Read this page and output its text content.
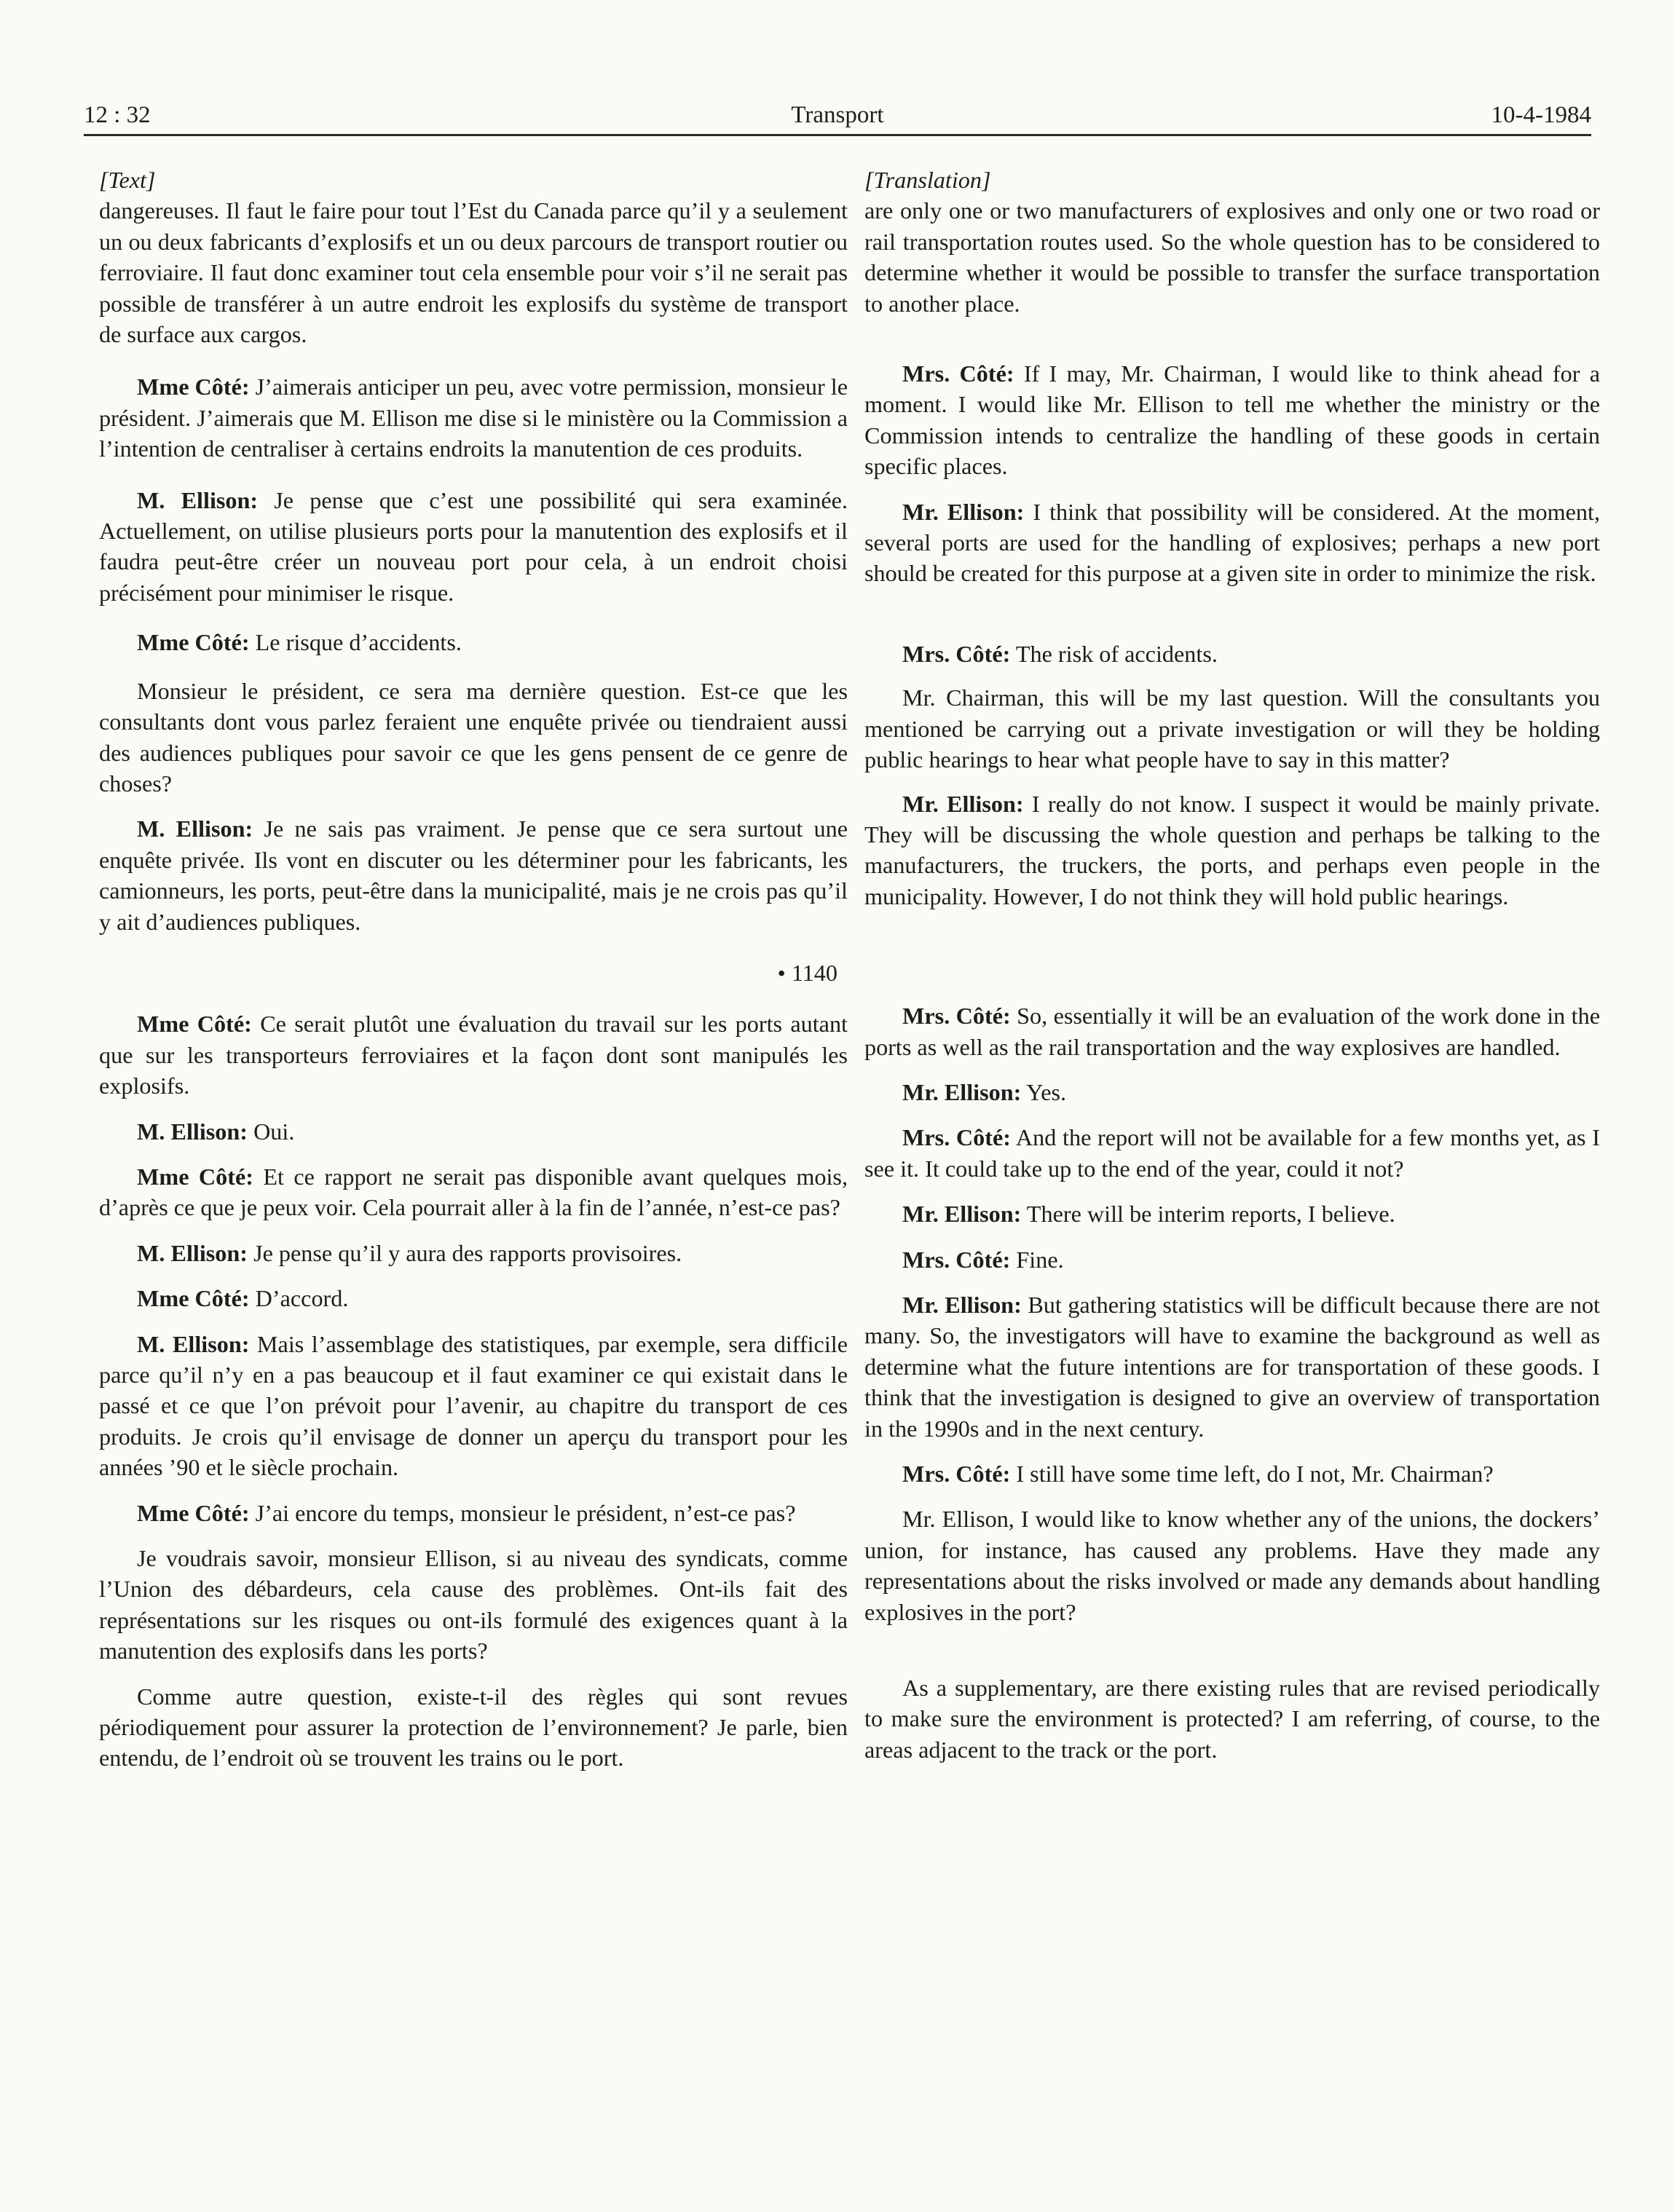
Transport
12 : 32	10-4-1984
[Text]

dangereuses. Il faut le faire pour tout l’Est du Canada parce qu’il y a seulement un ou deux fabricants d’explosifs et un ou deux parcours de transport routier ou ferroviaire. Il faut donc examiner tout cela ensemble pour voir s’il ne serait pas possible de transférer à un autre endroit les explosifs du système de transport de surface aux cargos.

Mme Côté: J’aimerais anticiper un peu, avec votre permission, monsieur le président. J’aimerais que M. Ellison me dise si le ministère ou la Commission a l’intention de centraliser à certains endroits la manutention de ces produits.

M. Ellison: Je pense que c’est une possibilité qui sera examinée. Actuellement, on utilise plusieurs ports pour la manutention des explosifs et il faudra peut-être créer un nouveau port pour cela, à un endroit choisi précisément pour minimiser le risque.

Mme Côté: Le risque d’accidents.

Monsieur le président, ce sera ma dernière question. Est-ce que les consultants dont vous parlez feraient une enquête privée ou tiendraient aussi des audiences publiques pour savoir ce que les gens pensent de ce genre de choses?

M. Ellison: Je ne sais pas vraiment. Je pense que ce sera surtout une enquête privée. Ils vont en discuter ou les déterminer pour les fabricants, les camionneurs, les ports, peut-être dans la municipalité, mais je ne crois pas qu’il y ait d’audiences publiques.

• 1140

Mme Côté: Ce serait plutôt une évaluation du travail sur les ports autant que sur les transporteurs ferroviaires et la façon dont sont manipulés les explosifs.

M. Ellison: Oui.

Mme Côté: Et ce rapport ne serait pas disponible avant quelques mois, d’après ce que je peux voir. Cela pourrait aller à la fin de l’année, n’est-ce pas?

M. Ellison: Je pense qu’il y aura des rapports provisoires.

Mme Côté: D’accord.

M. Ellison: Mais l’assemblage des statistiques, par exemple, sera difficile parce qu’il n’y en a pas beaucoup et il faut examiner ce qui existait dans le passé et ce que l’on prévoit pour l’avenir, au chapitre du transport de ces produits. Je crois qu’il envisage de donner un aperçu du transport pour les années ’90 et le siècle prochain.

Mme Côté: J’ai encore du temps, monsieur le président, n’est-ce pas?

Je voudrais savoir, monsieur Ellison, si au niveau des syndicats, comme l’Union des débardeurs, cela cause des problèmes. Ont-ils fait des représentations sur les risques ou ont-ils formulé des exigences quant à la manutention des explosifs dans les ports?

Comme autre question, existe-t-il des règles qui sont revues périodiquement pour assurer la protection de l’environnement? Je parle, bien entendu, de l’endroit où se trouvent les trains ou le port.

[Translation]

are only one or two manufacturers of explosives and only one or two road or rail transportation routes used. So the whole question has to be considered to determine whether it would be possible to transfer the surface transportation to another place.

Mrs. Côté: If I may, Mr. Chairman, I would like to think ahead for a moment. I would like Mr. Ellison to tell me whether the ministry or the Commission intends to centralize the handling of these goods in certain specific places.

Mr. Ellison: I think that possibility will be considered. At the moment, several ports are used for the handling of explosives; perhaps a new port should be created for this purpose at a given site in order to minimize the risk.

Mrs. Côté: The risk of accidents.

Mr. Chairman, this will be my last question. Will the consultants you mentioned be carrying out a private investigation or will they be holding public hearings to hear what people have to say in this matter?

Mr. Ellison: I really do not know. I suspect it would be mainly private. They will be discussing the whole question and perhaps be talking to the manufacturers, the truckers, the ports, and perhaps even people in the municipality. However, I do not think they will hold public hearings.

Mrs. Côté: So, essentially it will be an evaluation of the work done in the ports as well as the rail transportation and the way explosives are handled.

Mr. Ellison: Yes.

Mrs. Côté: And the report will not be available for a few months yet, as I see it. It could take up to the end of the year, could it not?

Mr. Ellison: There will be interim reports, I believe.

Mrs. Côté: Fine.

Mr. Ellison: But gathering statistics will be difficult because there are not many. So, the investigators will have to examine the background as well as determine what the future intentions are for transportation of these goods. I think that the investigation is designed to give an overview of transportation in the 1990s and in the next century.

Mrs. Côté: I still have some time left, do I not, Mr. Chairman?

Mr. Ellison, I would like to know whether any of the unions, the dockers’ union, for instance, has caused any problems. Have they made any representations about the risks involved or made any demands about handling explosives in the port?

As a supplementary, are there existing rules that are revised periodically to make sure the environment is protected? I am referring, of course, to the areas adjacent to the track or the port.
